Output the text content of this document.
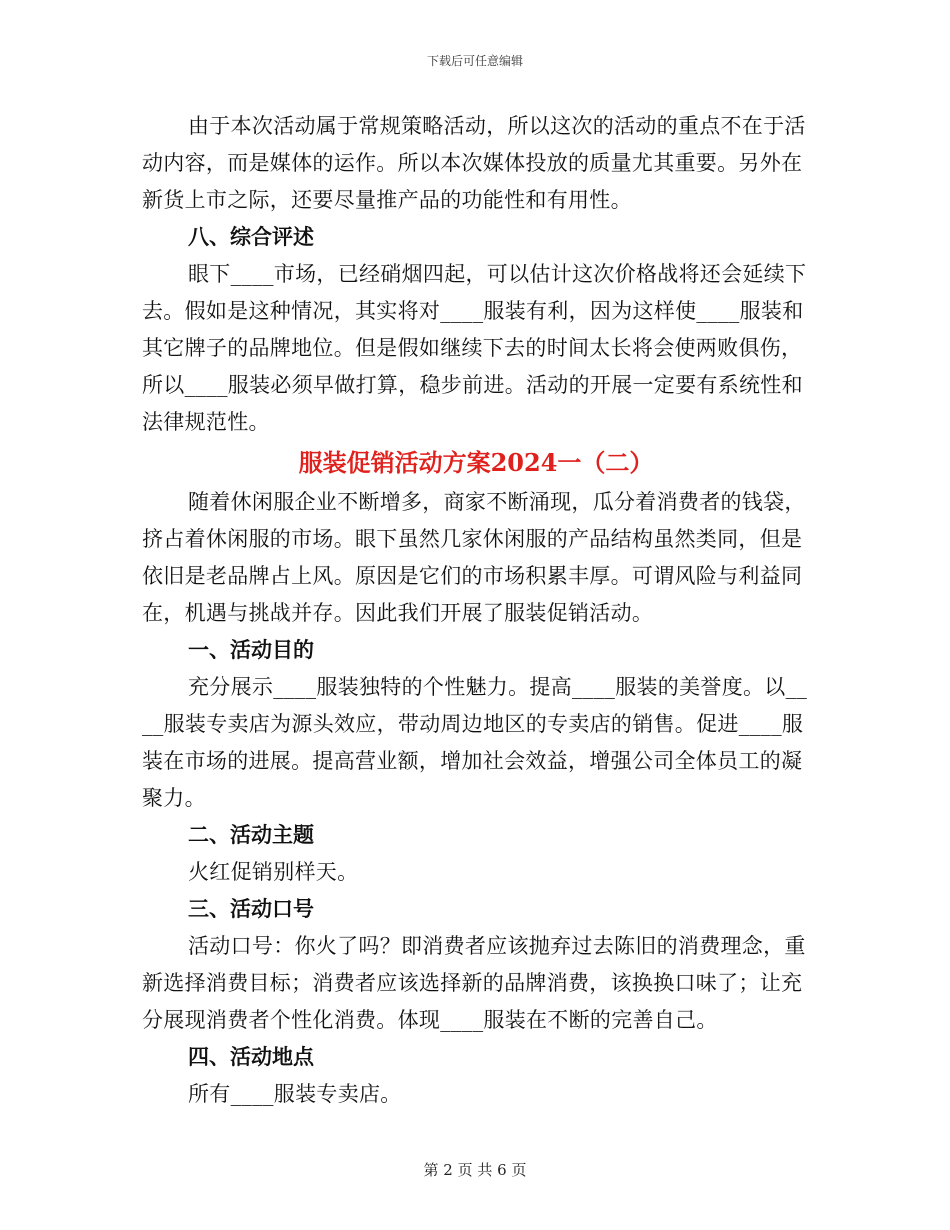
下载后可任意编辑

由于本次活动属于常规策略活动，所以这次的活动的重点不在于活动内容，而是媒体的运作。所以本次媒体投放的质量尤其重要。另外在新货上市之际，还要尽量推产品的功能性和有用性。

八、综合评述

眼下____市场，已经硝烟四起，可以估计这次价格战将还会延续下去。假如是这种情况，其实将对____服装有利，因为这样使____服装和其它牌子的品牌地位。但是假如继续下去的时间太长将会使两败俱伤，所以____服装必须早做打算，稳步前进。活动的开展一定要有系统性和法律规范性。

服装促销活动方案2024一（二）

随着休闲服企业不断增多，商家不断涌现，瓜分着消费者的钱袋，挤占着休闲服的市场。眼下虽然几家休闲服的产品结构虽然类同，但是依旧是老品牌占上风。原因是它们的市场积累丰厚。可谓风险与利益同在，机遇与挑战并存。因此我们开展了服装促销活动。

一、活动目的

充分展示____服装独特的个性魅力。提高____服装的美誉度。以____服装专卖店为源头效应，带动周边地区的专卖店的销售。促进____服装在市场的进展。提高营业额，增加社会效益，增强公司全体员工的凝聚力。

二、活动主题

火红促销别样天。

三、活动口号

活动口号：你火了吗？即消费者应该抛弃过去陈旧的消费理念，重新选择消费目标；消费者应该选择新的品牌消费，该换换口味了；让充分展现消费者个性化消费。体现____服装在不断的完善自己。

四、活动地点

所有____服装专卖店。

第 2 页 共 6 页
